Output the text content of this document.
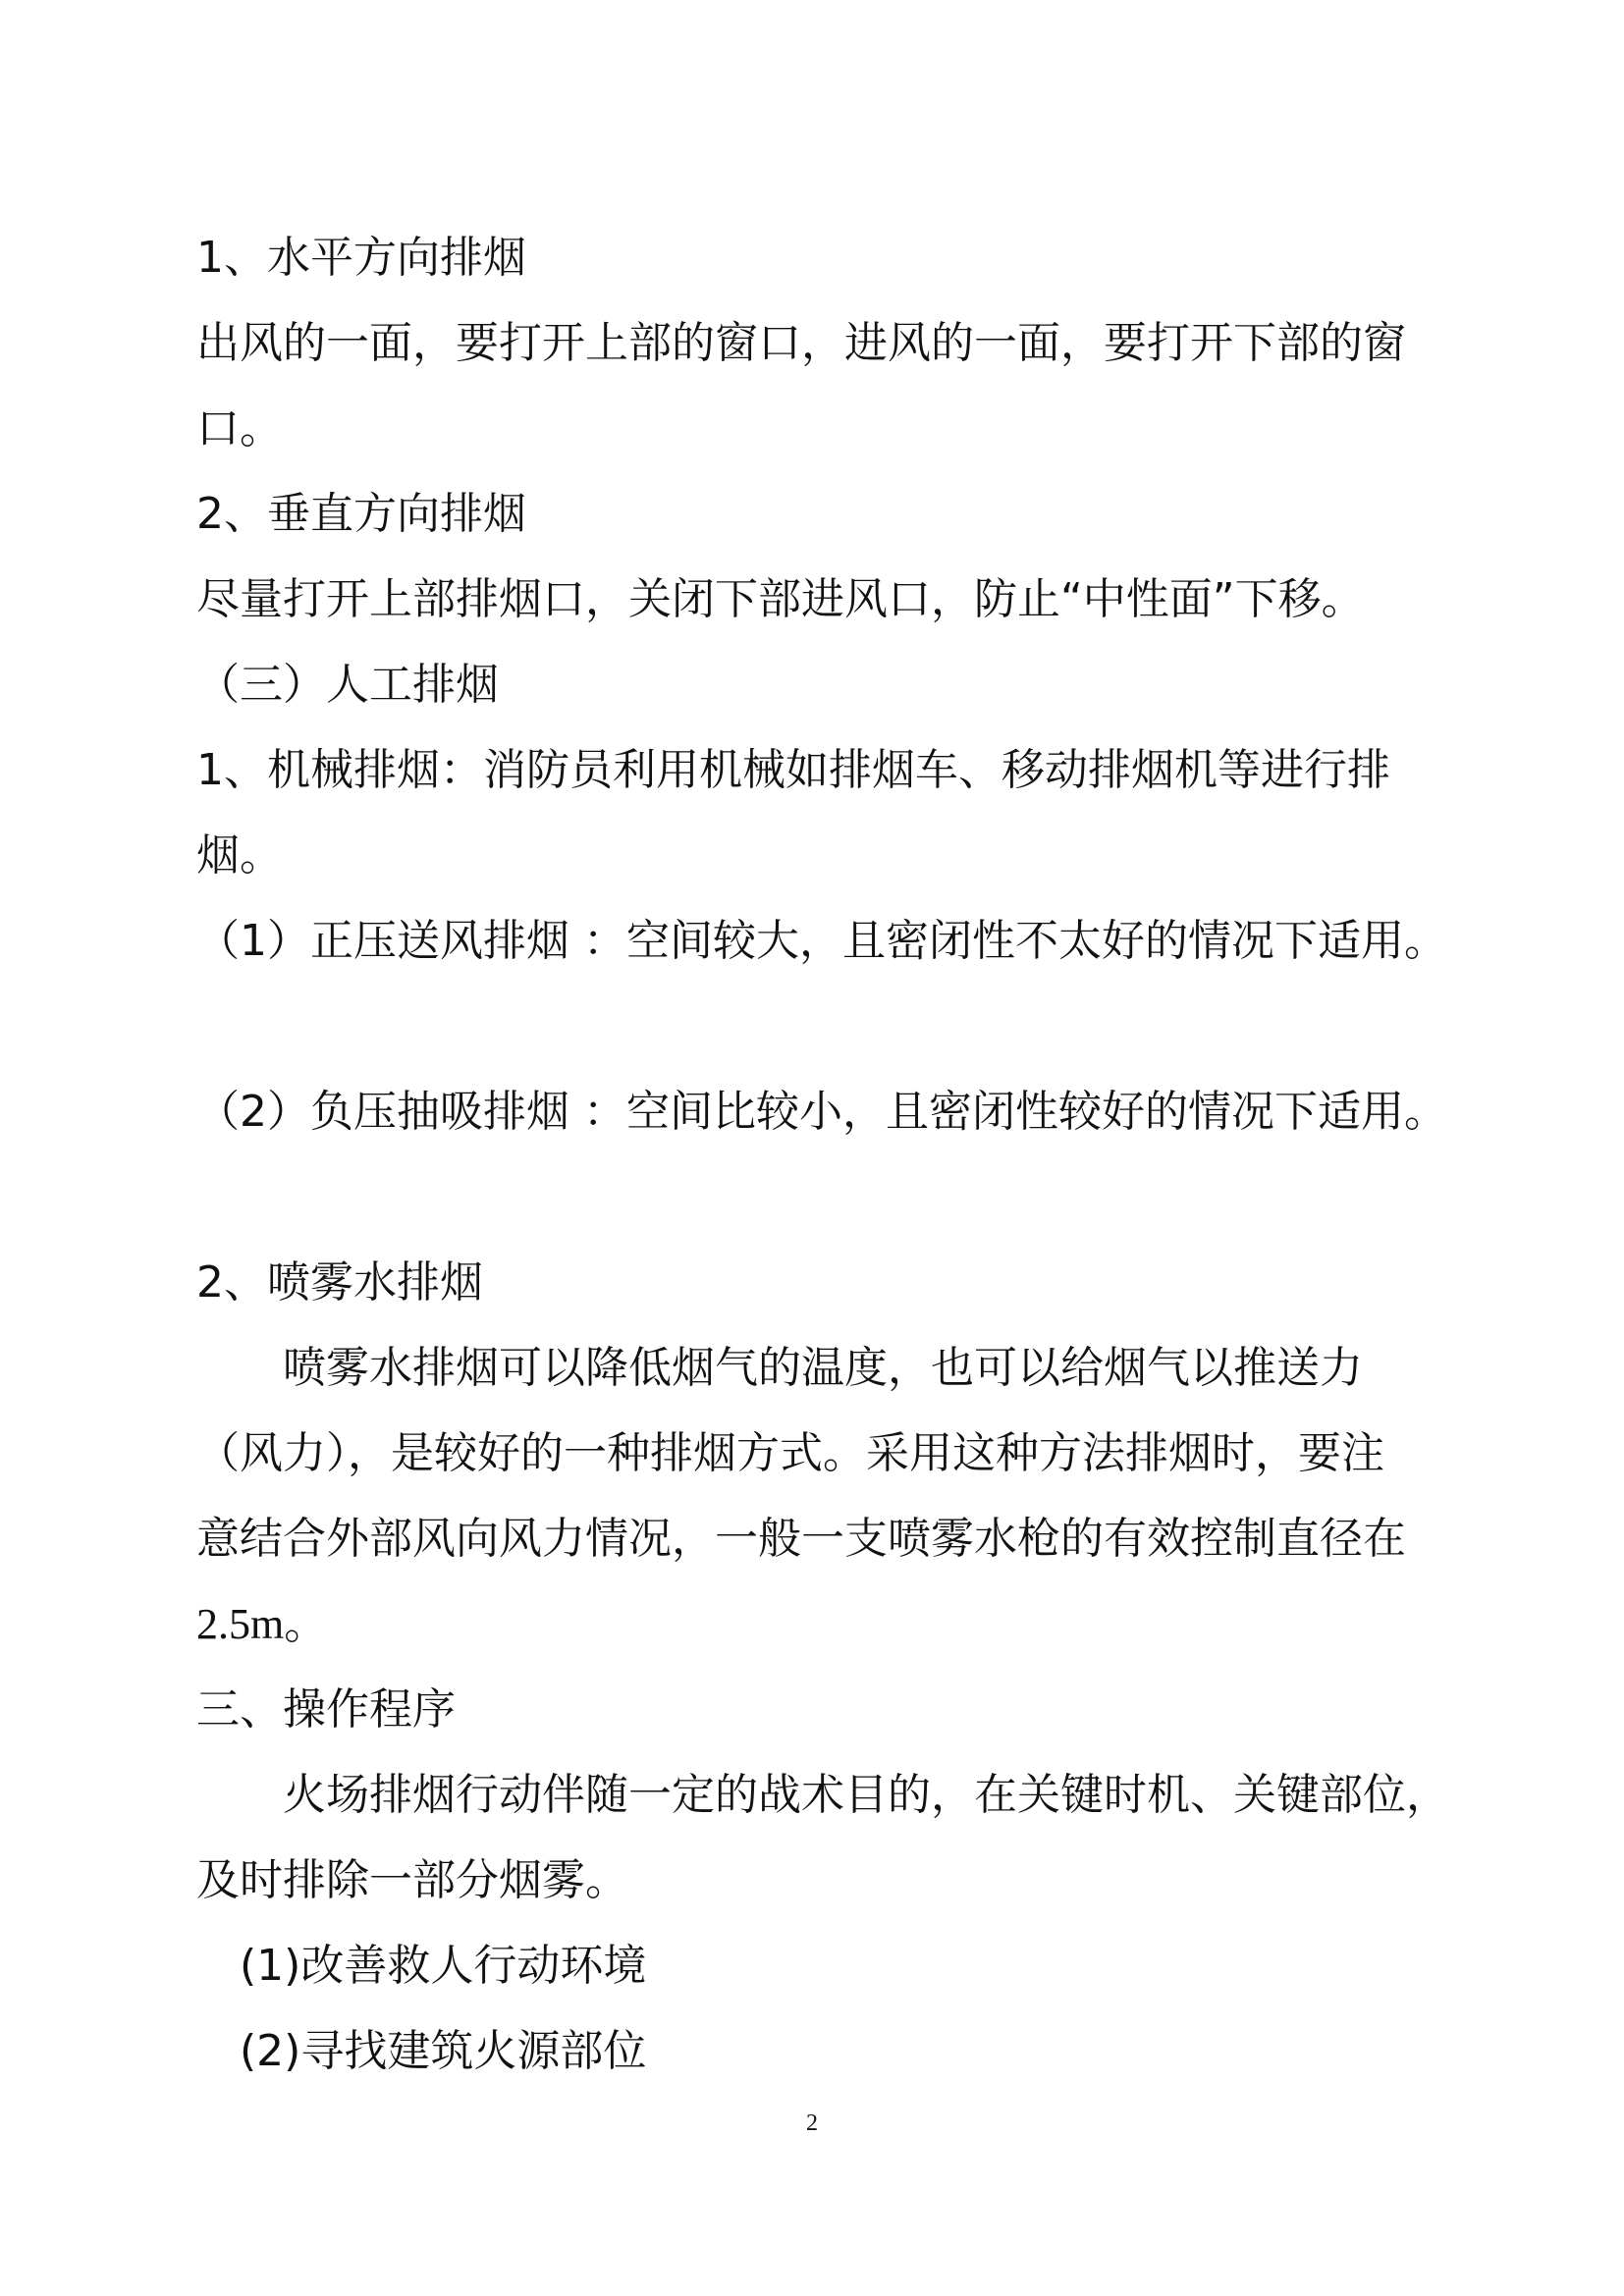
1、水平方向排烟
出风的一面，要打开上部的窗口，进风的一面，要打开下部的窗
口。
2、垂直方向排烟
尽量打开上部排烟口，关闭下部进风口，防止“中性面”下移。
（三）人工排烟
1、机械排烟：消防员利用机械如排烟车、移动排烟机等进行排
烟。
（1）正压送风排烟 ：空间较大，且密闭性不太好的情况下适用。
（2）负压抽吸排烟 ：空间比较小，且密闭性较好的情况下适用。
2、喷雾水排烟
喷雾水排烟可以降低烟气的温度，也可以给烟气以推送力
（风力），是较好的一种排烟方式。采用这种方法排烟时，要注
意结合外部风向风力情况，一般一支喷雾水枪的有效控制直径在
2.5m。
三、操作程序
火场排烟行动伴随一定的战术目的，在关键时机、关键部位，
及时排除一部分烟雾。
(1)改善救人行动环境
(2)寻找建筑火源部位
2
